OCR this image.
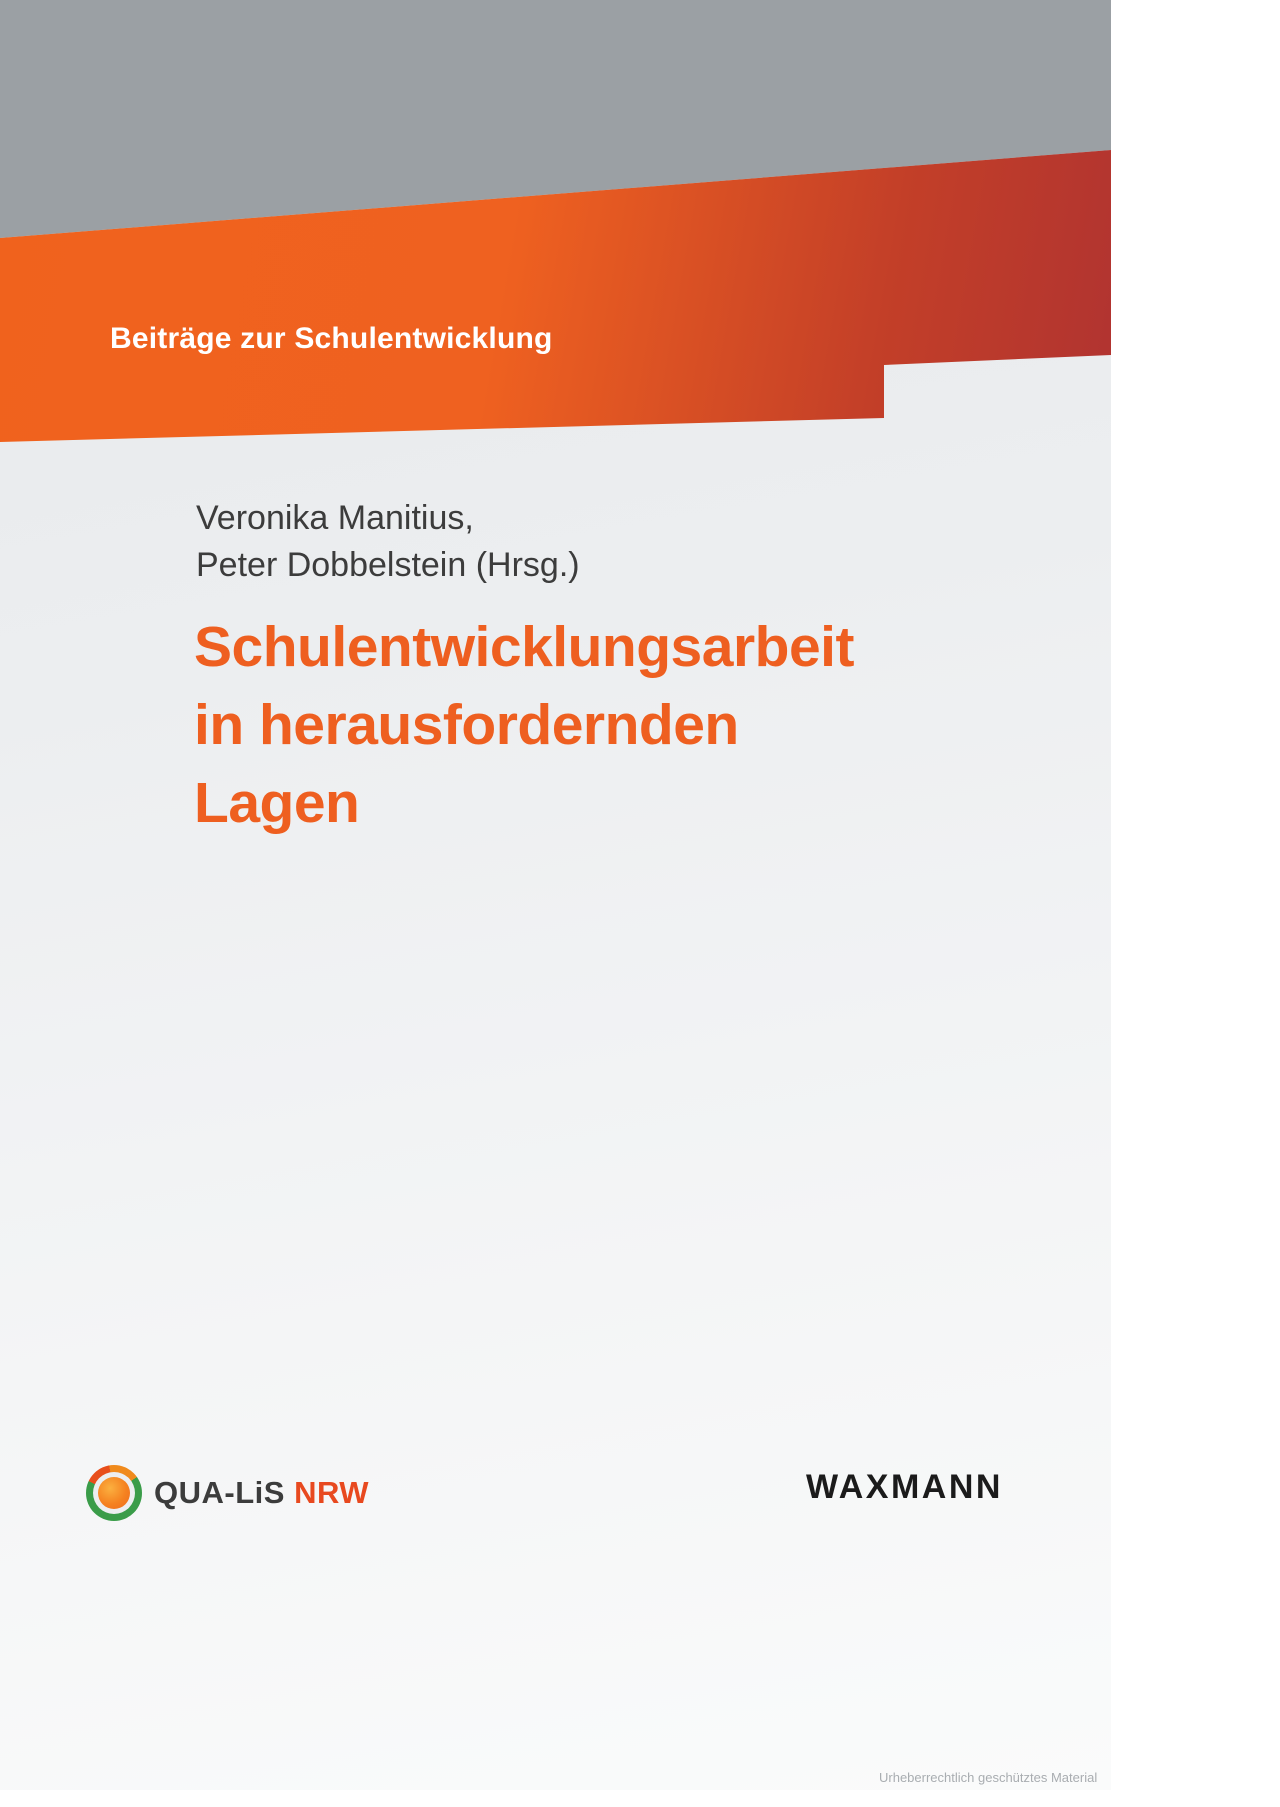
Beiträge zur Schulentwicklung
Veronika Manitius,
Peter Dobbelstein (Hrsg.)
Schulentwicklungsarbeit
in herausfordernden
Lagen
QUA-LiS NRW	WAXMANN
Urheberrechtlich geschütztes Material
